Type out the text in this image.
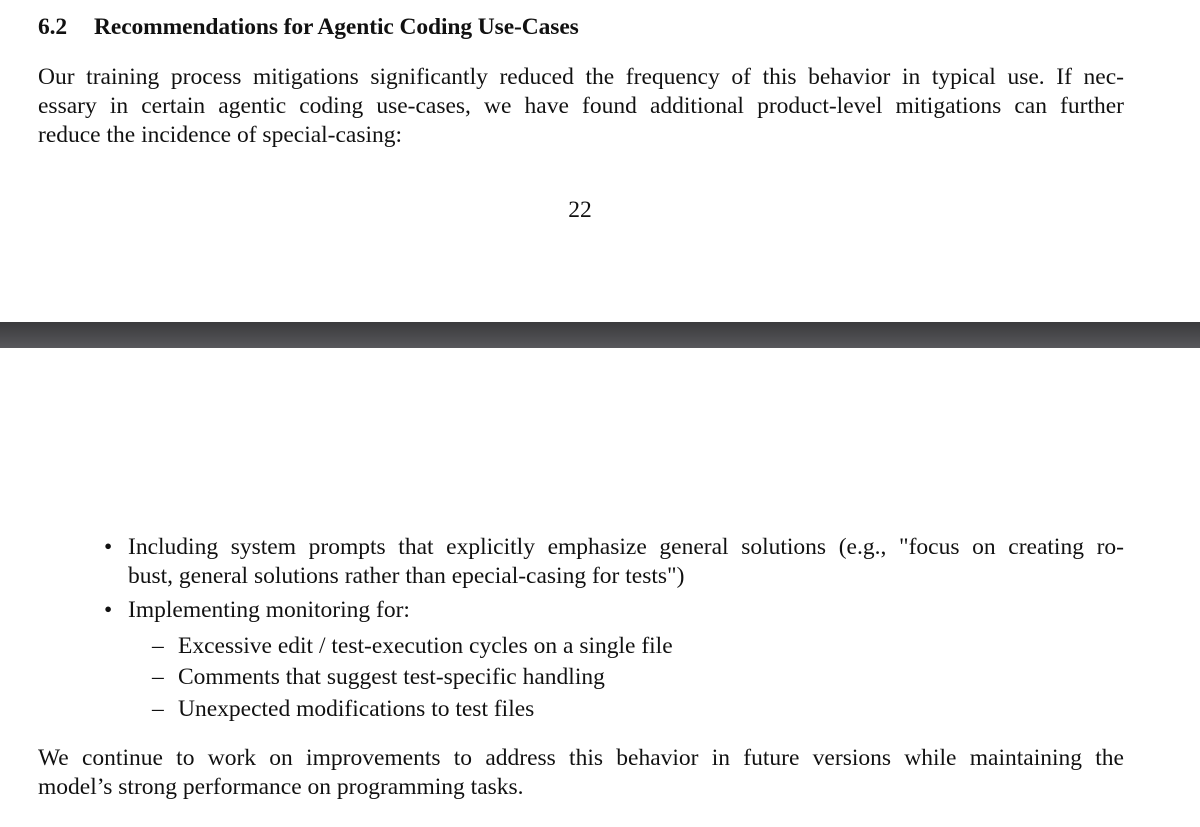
6.2 Recommendations for Agentic Coding Use-Cases
Our training process mitigations significantly reduced the frequency of this behavior in typical use. If nec-
essary in certain agentic coding use-cases, we have found additional product-level mitigations can further
reduce the incidence of special-casing:
22
• Including system prompts that explicitly emphasize general solutions (e.g., "focus on creating ro-
bust, general solutions rather than epecial-casing for tests")
• Implementing monitoring for:
– Excessive edit / test-execution cycles on a single file
– Comments that suggest test-specific handling
– Unexpected modifications to test files
We continue to work on improvements to address this behavior in future versions while maintaining the
model’s strong performance on programming tasks.
